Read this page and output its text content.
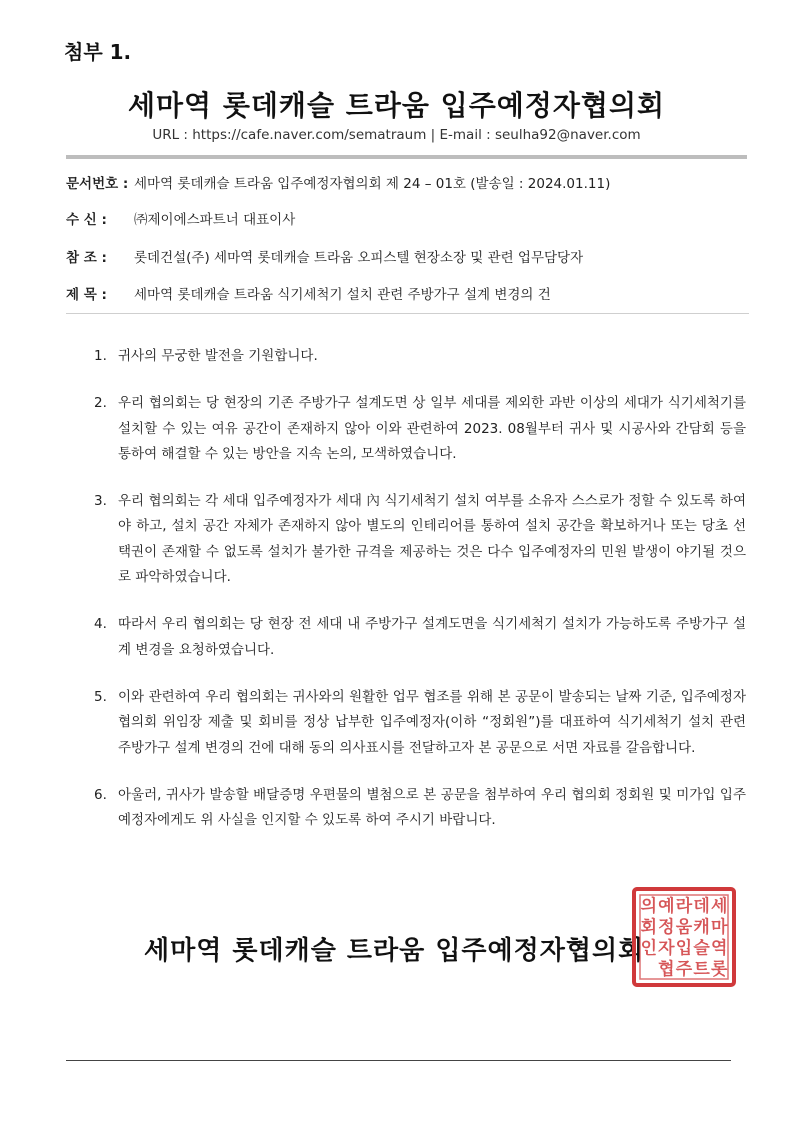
첨부 1.
세마역 롯데캐슬 트라움 입주예정자협의회
URL : https://cafe.naver.com/sematraum | E-mail : seulha92@naver.com
문서번호 : 세마역 롯데캐슬 트라움 입주예정자협의회 제 24 – 01호 (발송일 : 2024.01.11)
수 신 : ㈜제이에스파트너 대표이사
참 조 : 롯데건설(주) 세마역 롯데캐슬 트라움 오피스텔 현장소장 및 관련 업무담당자
제 목 : 세마역 롯데캐슬 트라움 식기세척기 설치 관련 주방가구 설계 변경의 건
1. 귀사의 무궁한 발전을 기원합니다.
2. 우리 협의회는 당 현장의 기존 주방가구 설계도면 상 일부 세대를 제외한 과반 이상의 세대가 식기세척기를 설치할 수 있는 여유 공간이 존재하지 않아 이와 관련하여 2023. 08월부터 귀사 및 시공사와 간담회 등을 통하여 해결할 수 있는 방안을 지속 논의, 모색하였습니다.
3. 우리 협의회는 각 세대 입주예정자가 세대 內 식기세척기 설치 여부를 소유자 스스로가 정할 수 있도록 하여야 하고, 설치 공간 자체가 존재하지 않아 별도의 인테리어를 통하여 설치 공간을 확보하거나 또는 당초 선택권이 존재할 수 없도록 설치가 불가한 규격을 제공하는 것은 다수 입주예정자의 민원 발생이 야기될 것으로 파악하였습니다.
4. 따라서 우리 협의회는 당 현장 전 세대 내 주방가구 설계도면을 식기세척기 설치가 가능하도록 주방가구 설계 변경을 요청하였습니다.
5. 이와 관련하여 우리 협의회는 귀사와의 원활한 업무 협조를 위해 본 공문이 발송되는 날짜 기준, 입주예정자협의회 위임장 제출 및 회비를 정상 납부한 입주예정자(이하 “정회원”)를 대표하여 식기세척기 설치 관련 주방가구 설계 변경의 건에 대해 동의 의사표시를 전달하고자 본 공문으로 서면 자료를 갈음합니다.
6. 아울러, 귀사가 발송할 배달증명 우편물의 별첨으로 본 공문을 첨부하여 우리 협의회 정회원 및 미가입 입주예정자에게도 위 사실을 인지할 수 있도록 하여 주시기 바랍니다.
세마역 롯데캐슬 트라움 입주예정자협의회
세
마
역
롯
데
캐
슬
트
라
움
입
주
예
정
자
협
의
회
인
